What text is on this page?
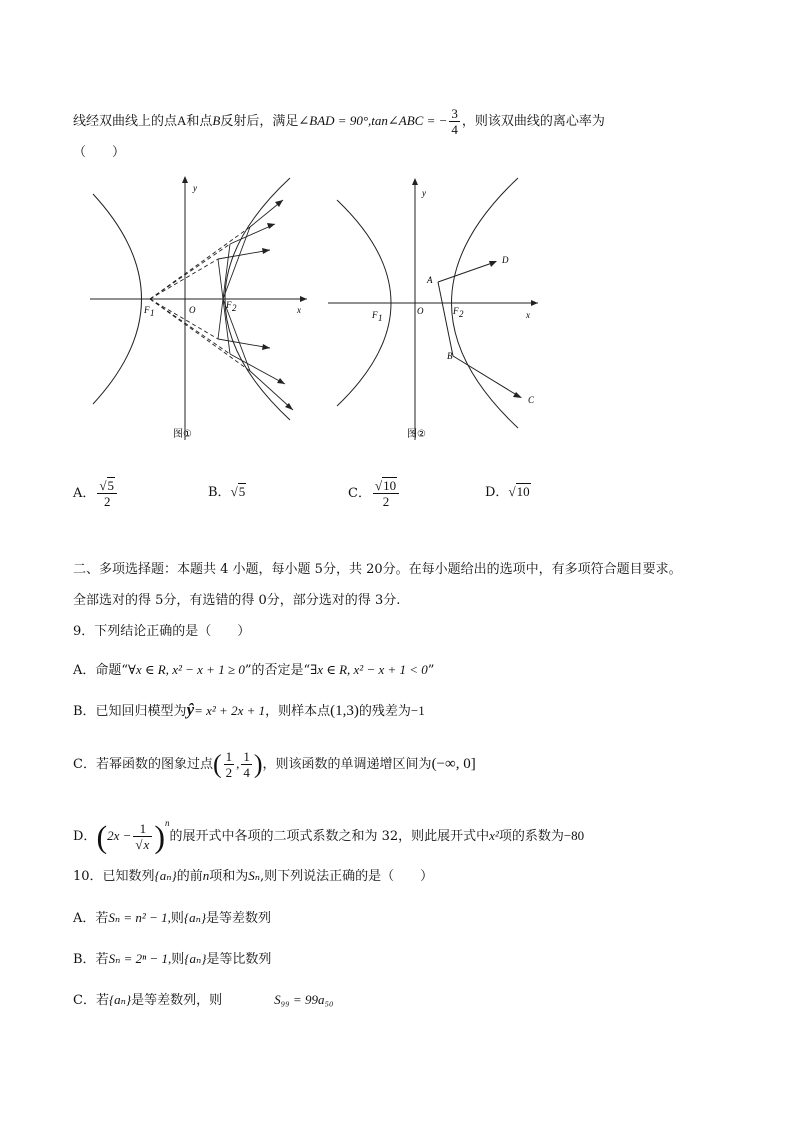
线经双曲线上的点A和点B反射后，满足∠BAD = 90°,tan∠ABC = − $\frac{3}{4}$ ，则该双曲线的离心率为
（　　）
y
x
O
F 1
F 2
图①
y
x
O
F 1
F 2
A
B
D
C
图②
A． $\frac{√5}{2}$	B．√5	C． $\frac{√10}{2}$	D．√10
二、多项选择题：本题共 4 小题，每小题 5分，共 20分。在每小题给出的选项中，有多项符合题目要求。
全部选对的得 5分，有选错的得 0分，部分选对的得 3分.
9．下列结论正确的是（　　）
A．命题“∀x ∈ R, x² − x + 1 ≥ 0”的否定是“∃x ∈ R, x² − x + 1 < 0”
B．已知回归模型为ŷ= x² + 2x + 1，则样本点(1,3)的残差为−1
C．若幂函数的图象过点( $\frac{1}{2}$ , $\frac{1}{4}$ )，则该函数的单调递增区间为(−∞, 0]
D．$(2x - \frac{1}{√x} )^n$的展开式中各项的二项式系数之和为 32，则此展开式中x²项的系数为−80
10．已知数列{aₙ}的前n项和为Sₙ,则下列说法正确的是（　　）
A．若Sₙ = n² − 1,则{aₙ}是等差数列
B．若Sₙ = 2ⁿ − 1,则{aₙ}是等比数列
C．若{aₙ}是等差数列，则	S₉₉ = 99a₅₀
